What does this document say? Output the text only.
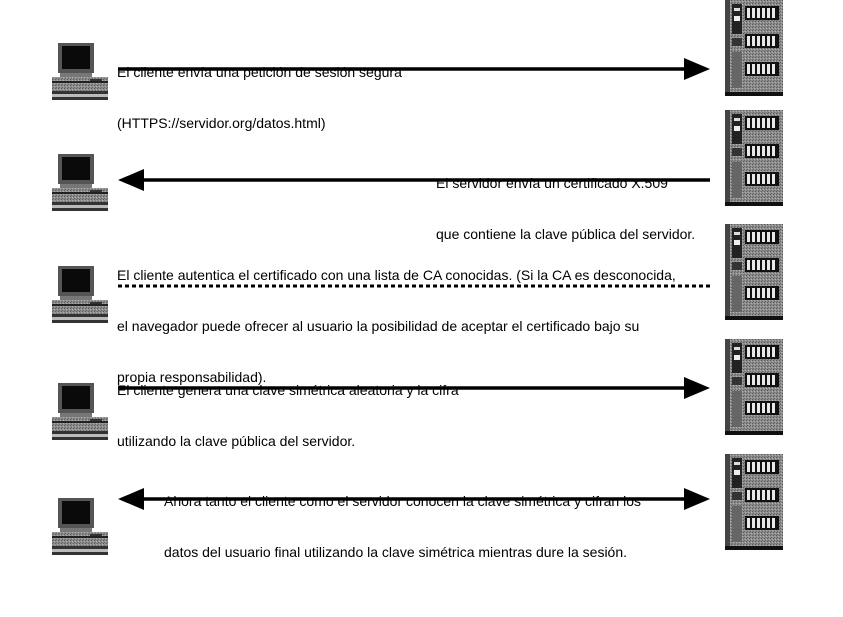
El cliente envía una petición de sesión segura

(HTTPS://servidor.org/datos.html)

El servidor envía un certificado X.509

que contiene la clave pública del servidor.

El cliente autentica el certificado con una lista de CA conocidas. (Si la CA es desconocida,

el navegador puede ofrecer al usuario la posibilidad de aceptar el certificado bajo su

propia responsabilidad).

El cliente genera una clave simétrica aleatoria y la cifra

utilizando la clave pública del servidor.

Ahora tanto el cliente como el servidor conocen la clave simétrica y cifran los

datos del usuario final utilizando la clave simétrica mientras dure la sesión.
